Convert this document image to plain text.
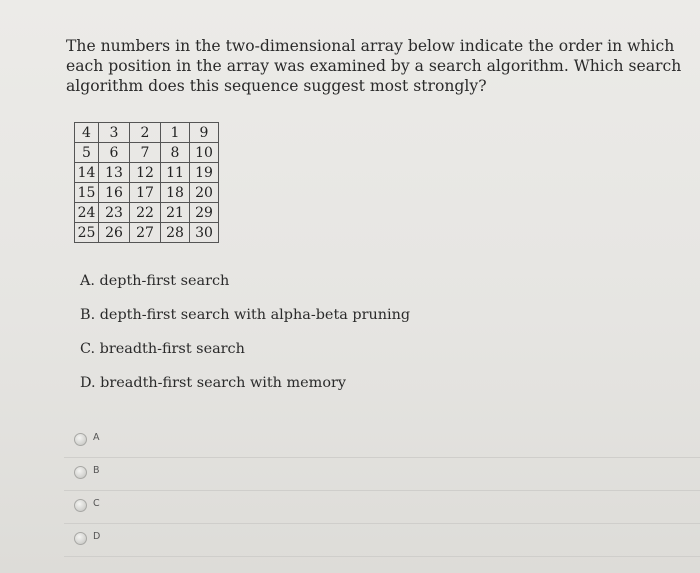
The numbers in the two-dimensional array below indicate the order in which each position in the array was examined by a search algorithm. Which search algorithm does this sequence suggest most strongly?
4	3	2	1	9
5	6	7	8	10
14	13	12	11	19
15	16	17	18	20
24	23	22	21	29
25	26	27	28	30
A. depth-first search
B. depth-first search with alpha-beta pruning
C. breadth-first search
D. breadth-first search with memory
A
B
C
D
